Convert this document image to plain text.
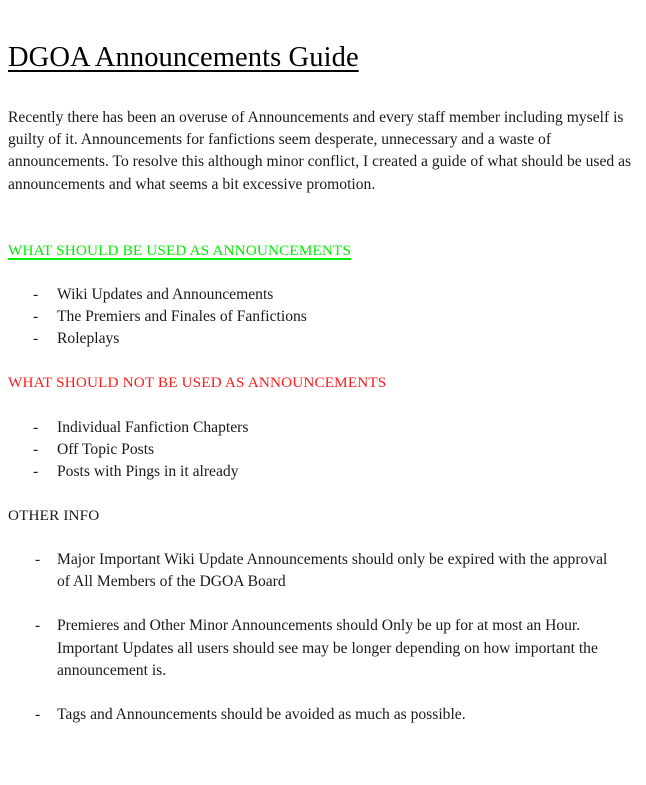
DGOA Announcements Guide

Recently there has been an overuse of Announcements and every staff member including myself is guilty of it. Announcements for fanfictions seem desperate, unnecessary and a waste of announcements. To resolve this although minor conflict, I created a guide of what should be used as announcements and what seems a bit excessive promotion.

WHAT SHOULD BE USED AS ANNOUNCEMENTS
-	Wiki Updates and Announcements
-	The Premiers and Finales of Fanfictions
-	Roleplays
WHAT SHOULD NOT BE USED AS ANNOUNCEMENTS
-	Individual Fanfiction Chapters
-	Off Topic Posts
-	Posts with Pings in it already
OTHER INFO
-	Major Important Wiki Update Announcements should only be expired with the approval of All Members of the DGOA Board
-	Premieres and Other Minor Announcements should Only be up for at most an Hour. Important Updates all users should see may be longer depending on how important the announcement is.
-	Tags and Announcements should be avoided as much as possible.
